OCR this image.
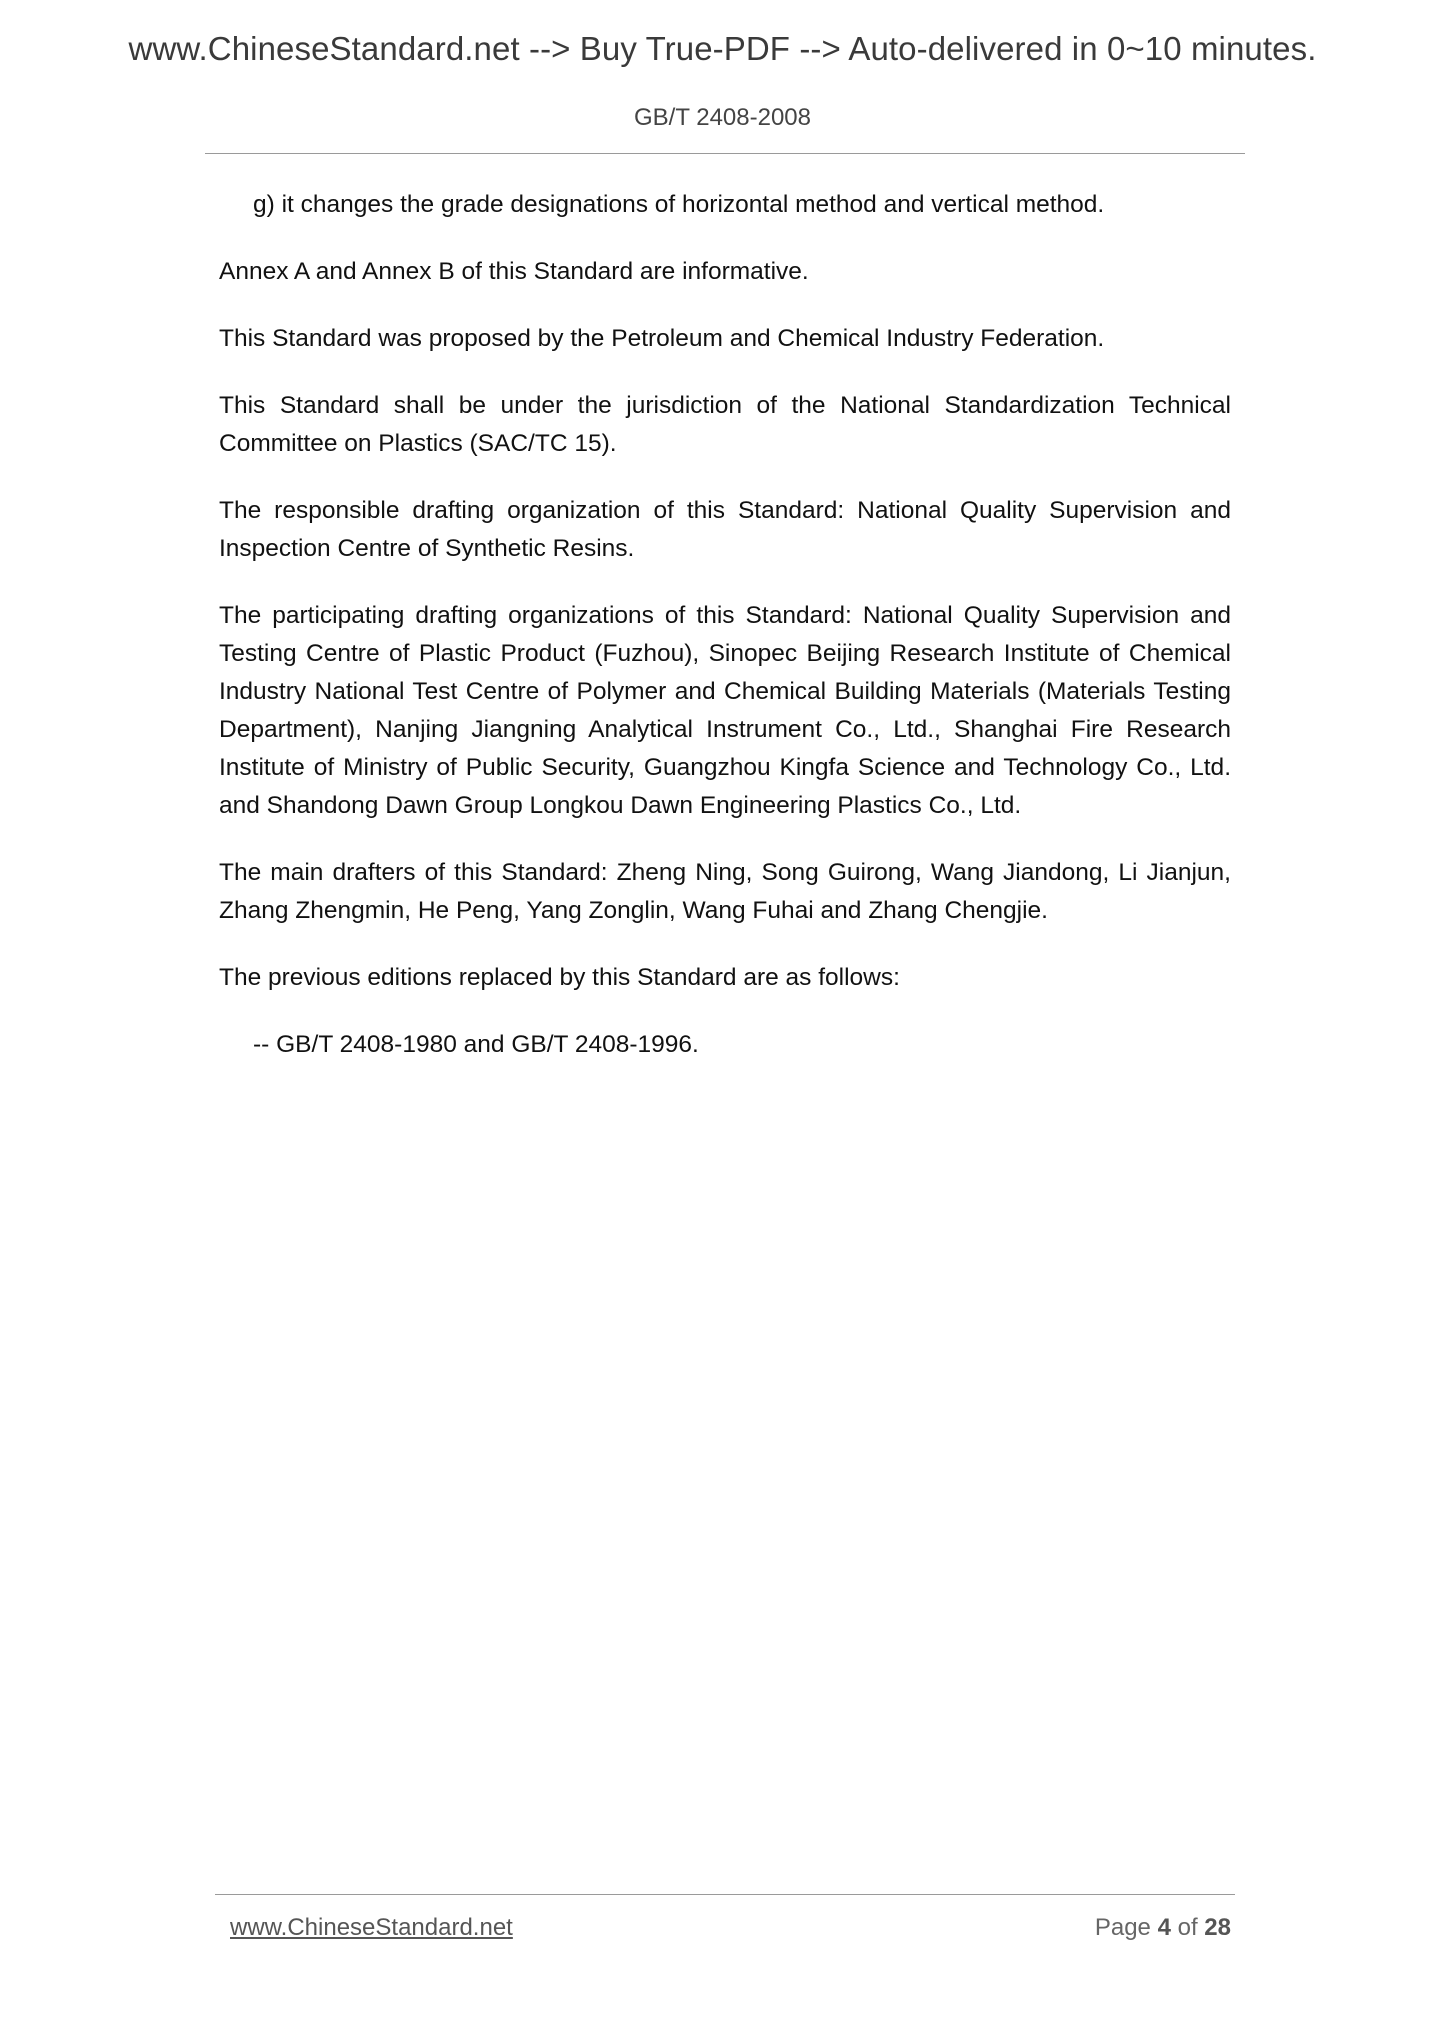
www.ChineseStandard.net --> Buy True-PDF --> Auto-delivered in 0~10 minutes.
GB/T 2408-2008

g) it changes the grade designations of horizontal method and vertical method.

Annex A and Annex B of this Standard are informative.

This Standard was proposed by the Petroleum and Chemical Industry Federation.

This Standard shall be under the jurisdiction of the National Standardization Technical Committee on Plastics (SAC/TC 15).

The responsible drafting organization of this Standard: National Quality Supervision and Inspection Centre of Synthetic Resins.

The participating drafting organizations of this Standard: National Quality Supervision and Testing Centre of Plastic Product (Fuzhou), Sinopec Beijing Research Institute of Chemical Industry National Test Centre of Polymer and Chemical Building Materials (Materials Testing Department), Nanjing Jiangning Analytical Instrument Co., Ltd., Shanghai Fire Research Institute of Ministry of Public Security, Guangzhou Kingfa Science and Technology Co., Ltd. and Shandong Dawn Group Longkou Dawn Engineering Plastics Co., Ltd.

The main drafters of this Standard: Zheng Ning, Song Guirong, Wang Jiandong, Li Jianjun, Zhang Zhengmin, He Peng, Yang Zonglin, Wang Fuhai and Zhang Chengjie.

The previous editions replaced by this Standard are as follows:

-- GB/T 2408-1980 and GB/T 2408-1996.

www.ChineseStandard.net	Page 4 of 28
